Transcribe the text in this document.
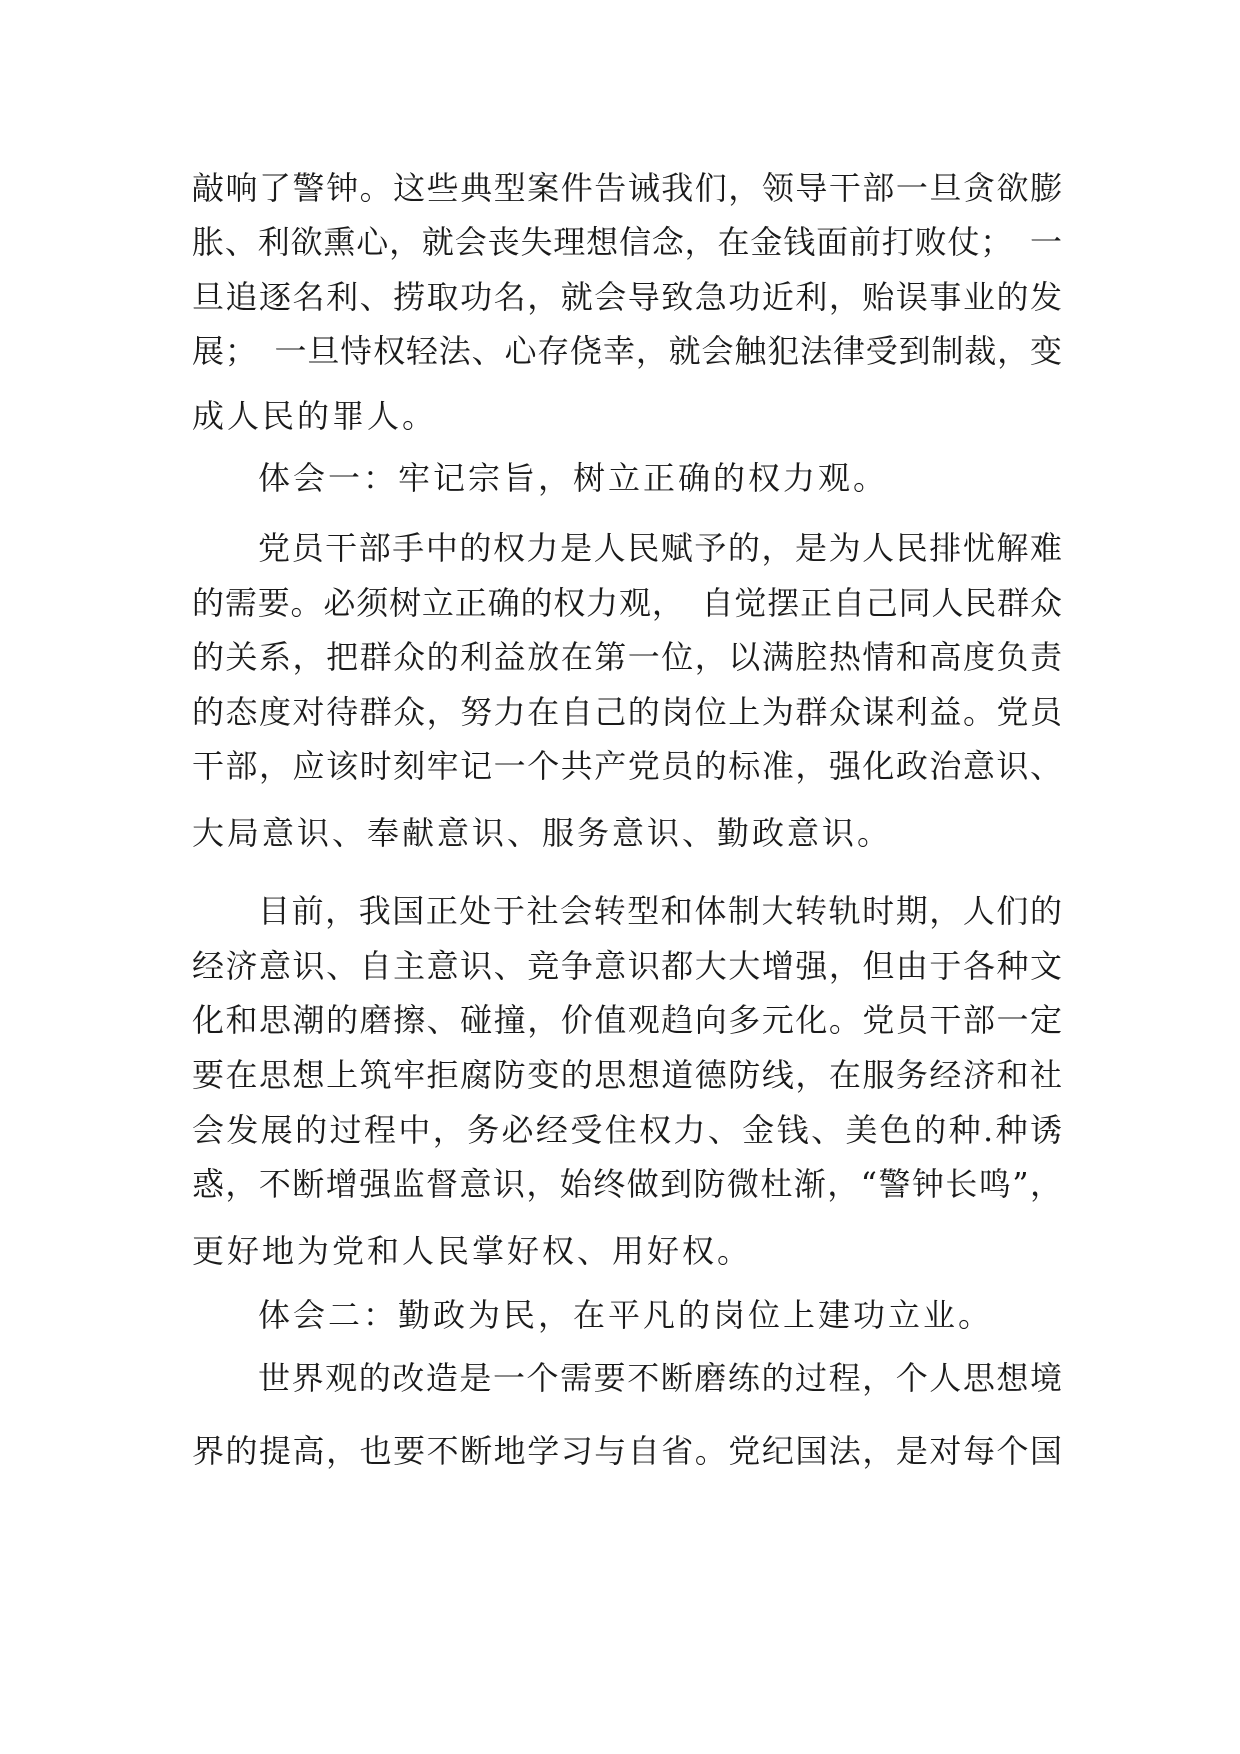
敲响了警钟。这些典型案件告诫我们，领导干部一旦贪欲膨

胀、利欲熏心，就会丧失理想信念，在金钱面前打败仗；　一

旦追逐名利、捞取功名，就会导致急功近利，贻误事业的发

展；　一旦恃权轻法、心存侥幸，就会触犯法律受到制裁，变

成人民的罪人。

体会一：牢记宗旨，树立正确的权力观。

党员干部手中的权力是人民赋予的，是为人民排忧解难

的需要。必须树立正确的权力观，　自觉摆正自己同人民群众

的关系，把群众的利益放在第一位，以满腔热情和高度负责

的态度对待群众，努力在自己的岗位上为群众谋利益。党员

干部，应该时刻牢记一个共产党员的标准，强化政治意识、

大局意识、奉献意识、服务意识、勤政意识。

目前，我国正处于社会转型和体制大转轨时期，人们的

经济意识、自主意识、竞争意识都大大增强，但由于各种文

化和思潮的磨擦、碰撞，价值观趋向多元化。党员干部一定

要在思想上筑牢拒腐防变的思想道德防线，在服务经济和社

会发展的过程中，务必经受住权力、金钱、美色的种.种诱

惑，不断增强监督意识，始终做到防微杜渐，“警钟长鸣”，

更好地为党和人民掌好权、用好权。

体会二：勤政为民，在平凡的岗位上建功立业。

世界观的改造是一个需要不断磨练的过程，个人思想境

界的提高，也要不断地学习与自省。党纪国法，是对每个国
